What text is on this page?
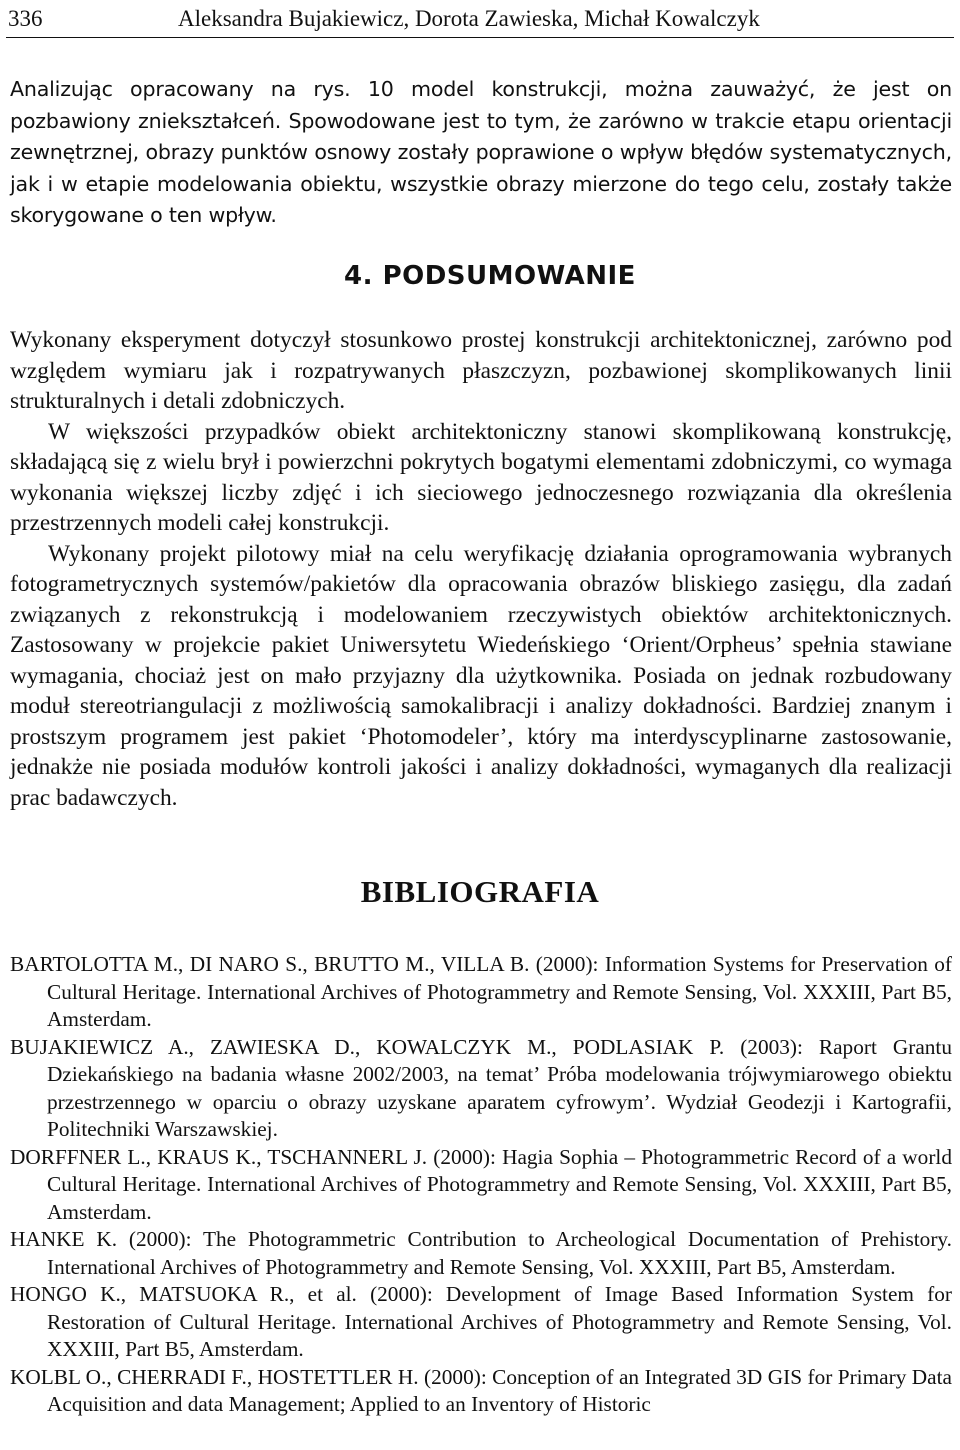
336	Aleksandra Bujakiewicz, Dorota Zawieska, Michał Kowalczyk
Analizując opracowany na rys. 10 model konstrukcji, można zauważyć, że jest on pozbawiony zniekształceń. Spowodowane jest to tym, że zarówno w trakcie etapu orientacji zewnętrznej, obrazy punktów osnowy zostały poprawione o wpływ błędów systematycznych, jak i w etapie modelowania obiektu, wszystkie obrazy mierzone do tego celu, zostały także skorygowane o ten wpływ.
4. PODSUMOWANIE

Wykonany eksperyment dotyczył stosunkowo prostej konstrukcji architektonicznej, zarówno pod względem wymiaru jak i rozpatrywanych płaszczyzn, pozbawionej skomplikowanych linii strukturalnych i detali zdobniczych.

W większości przypadków obiekt architektoniczny stanowi skomplikowaną konstrukcję, składającą się z wielu brył i powierzchni pokrytych bogatymi elementami zdobniczymi, co wymaga wykonania większej liczby zdjęć i ich sieciowego jednoczesnego rozwiązania dla określenia przestrzennych modeli całej konstrukcji.

Wykonany projekt pilotowy miał na celu weryfikację działania oprogramowania wybranych fotogrametrycznych systemów/pakietów dla opracowania obrazów bliskiego zasięgu, dla zadań związanych z rekonstrukcją i modelowaniem rzeczywistych obiektów architektonicznych. Zastosowany w projekcie pakiet Uniwersytetu Wiedeńskiego ‘Orient/Orpheus’ spełnia stawiane wymagania, chociaż jest on mało przyjazny dla użytkownika. Posiada on jednak rozbudowany moduł stereotriangulacji z możliwością samokalibracji i analizy dokładności. Bardziej znanym i prostszym programem jest pakiet ‘Photomodeler’, który ma interdyscyplinarne zastosowanie, jednakże nie posiada modułów kontroli jakości i analizy dokładności, wymaganych dla realizacji prac badawczych.

BIBLIOGRAFIA
BARTOLOTTA M., DI NARO S., BRUTTO M., VILLA B. (2000): Information Systems for Preservation of Cultural Heritage. International Archives of Photogrammetry and Remote Sensing, Vol. XXXIII, Part B5, Amsterdam.
BUJAKIEWICZ A., ZAWIESKA D., KOWALCZYK M., PODLASIAK P. (2003): Raport Grantu Dziekańskiego na badania własne 2002/2003, na temat’ Próba modelowania trójwymiarowego obiektu przestrzennego w oparciu o obrazy uzyskane aparatem cyfrowym’. Wydział Geodezji i Kartografii, Politechniki Warszawskiej.
DORFFNER L., KRAUS K., TSCHANNERL J. (2000): Hagia Sophia – Photogrammetric Record of a world Cultural Heritage. International Archives of Photogrammetry and Remote Sensing, Vol. XXXIII, Part B5, Amsterdam.
HANKE K. (2000): The Photogrammetric Contribution to Archeological Documentation of Prehistory. International Archives of Photogrammetry and Remote Sensing, Vol. XXXIII, Part B5, Amsterdam.
HONGO K., MATSUOKA R., et al. (2000): Development of Image Based Information System for Restoration of Cultural Heritage. International Archives of Photogrammetry and Remote Sensing, Vol. XXXIII, Part B5, Amsterdam.
KOLBL O., CHERRADI F., HOSTETTLER H. (2000): Conception of an Integrated 3D GIS for Primary Data Acquisition and data Management; Applied to an Inventory of Historic
